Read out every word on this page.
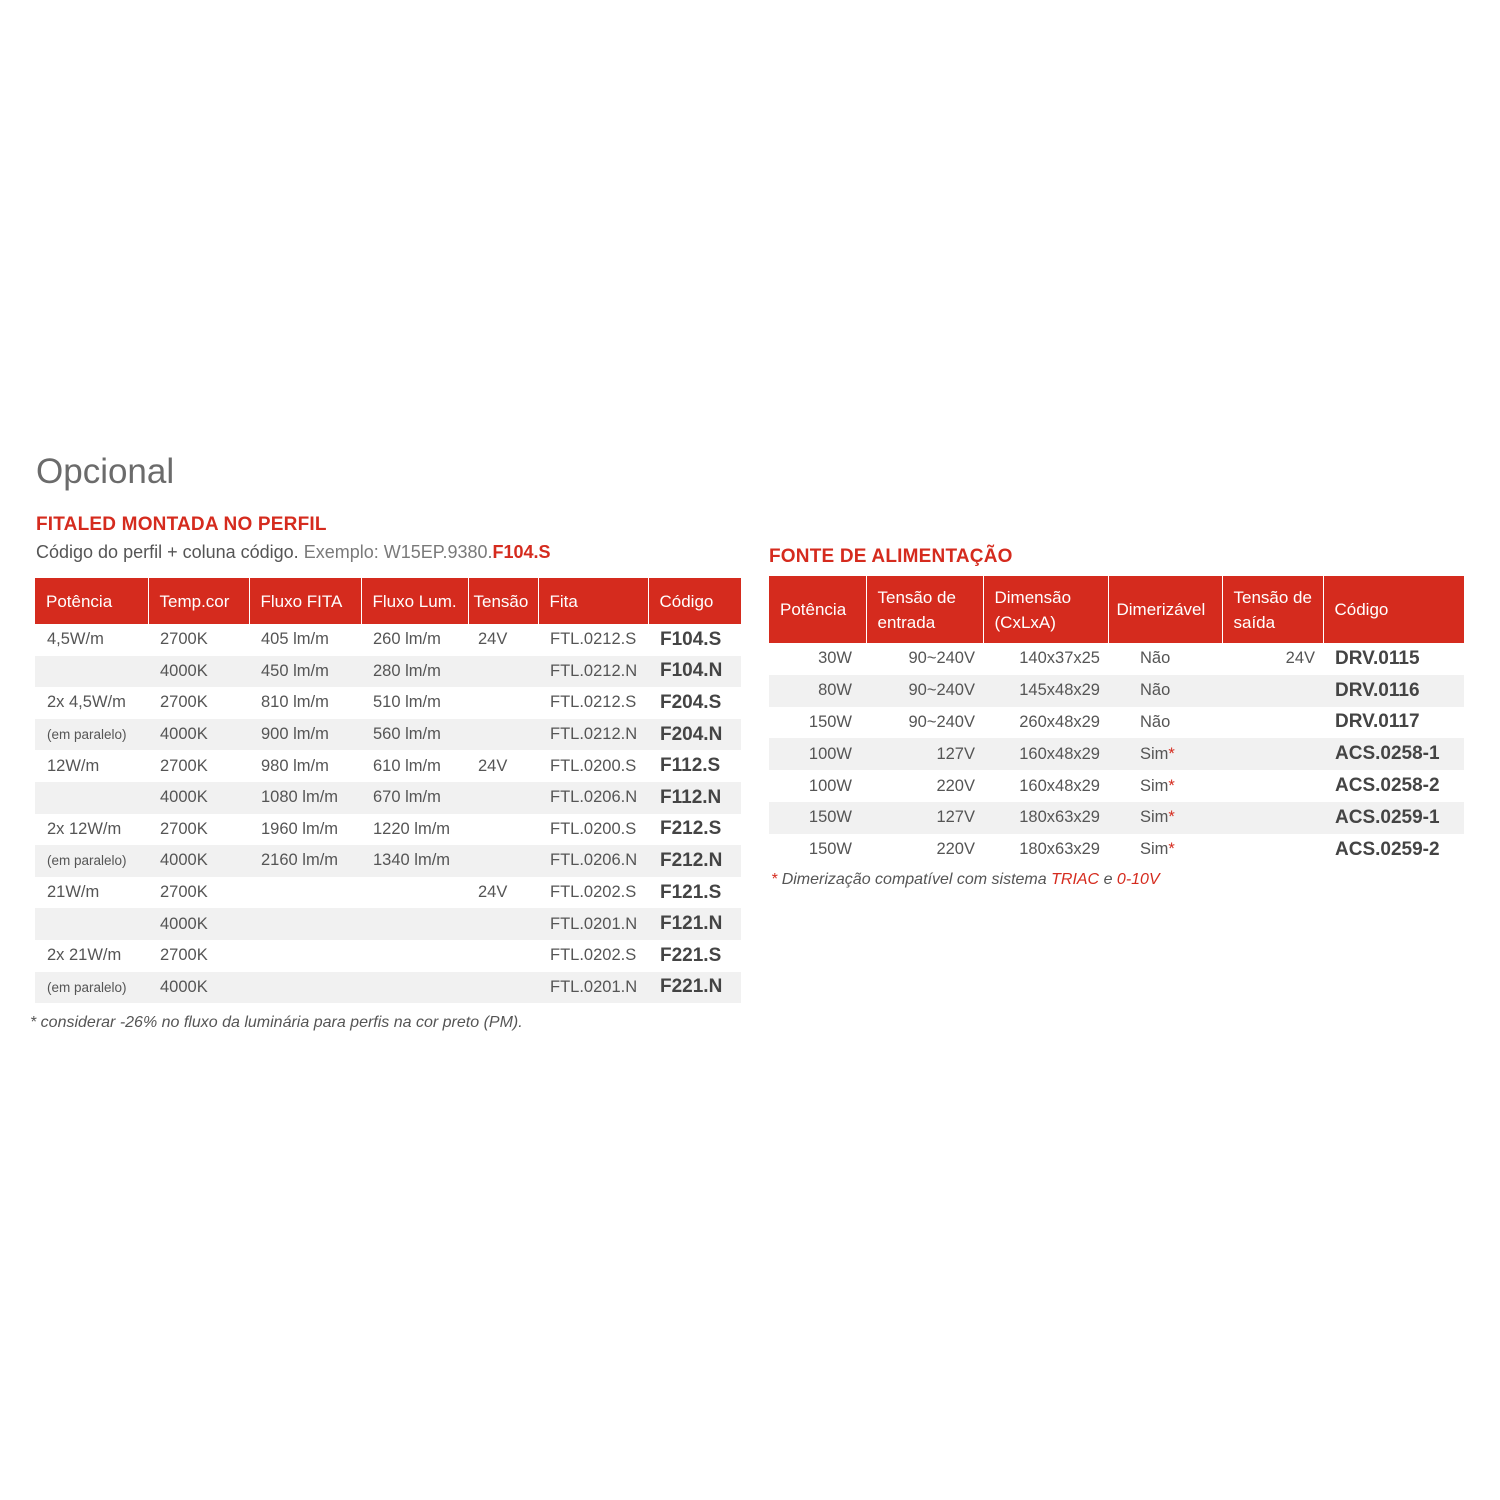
Opcional
FITALED MONTADA NO PERFIL

Código do perfil + coluna código. Exemplo: W15EP.9380.F104.S

Potência	Temp.cor	Fluxo FITA	Fluxo Lum.	Tensão	Fita	Código
4,5W/m	2700K	405 lm/m	260 lm/m	24V	FTL.0212.S	F104.S
	4000K	450 lm/m	280 lm/m		FTL.0212.N	F104.N
2x 4,5W/m	2700K	810 lm/m	510 lm/m		FTL.0212.S	F204.S
(em paralelo)	4000K	900 lm/m	560 lm/m		FTL.0212.N	F204.N
12W/m	2700K	980 lm/m	610 lm/m	24V	FTL.0200.S	F112.S
	4000K	1080 lm/m	670 lm/m		FTL.0206.N	F112.N
2x 12W/m	2700K	1960 lm/m	1220 lm/m		FTL.0200.S	F212.S
(em paralelo)	4000K	2160 lm/m	1340 lm/m		FTL.0206.N	F212.N
21W/m	2700K			24V	FTL.0202.S	F121.S
	4000K				FTL.0201.N	F121.N
2x 21W/m	2700K				FTL.0202.S	F221.S
(em paralelo)	4000K				FTL.0201.N	F221.N

* considerar -26% no fluxo da luminária para perfis na cor preto (PM).

FONTE DE ALIMENTAÇÃO
Potência	Tensão de entrada	Dimensão (CxLxA)	Dimerizável	Tensão de saída	Código
30W	90~240V	140x37x25	Não	24V	DRV.0115
80W	90~240V	145x48x29	Não		DRV.0116
150W	90~240V	260x48x29	Não		DRV.0117
100W	127V	160x48x29	Sim*		ACS.0258-1
100W	220V	160x48x29	Sim*		ACS.0258-2
150W	127V	180x63x29	Sim*		ACS.0259-1
150W	220V	180x63x29	Sim*		ACS.0259-2

* Dimerização compatível com sistema TRIAC e 0-10V
